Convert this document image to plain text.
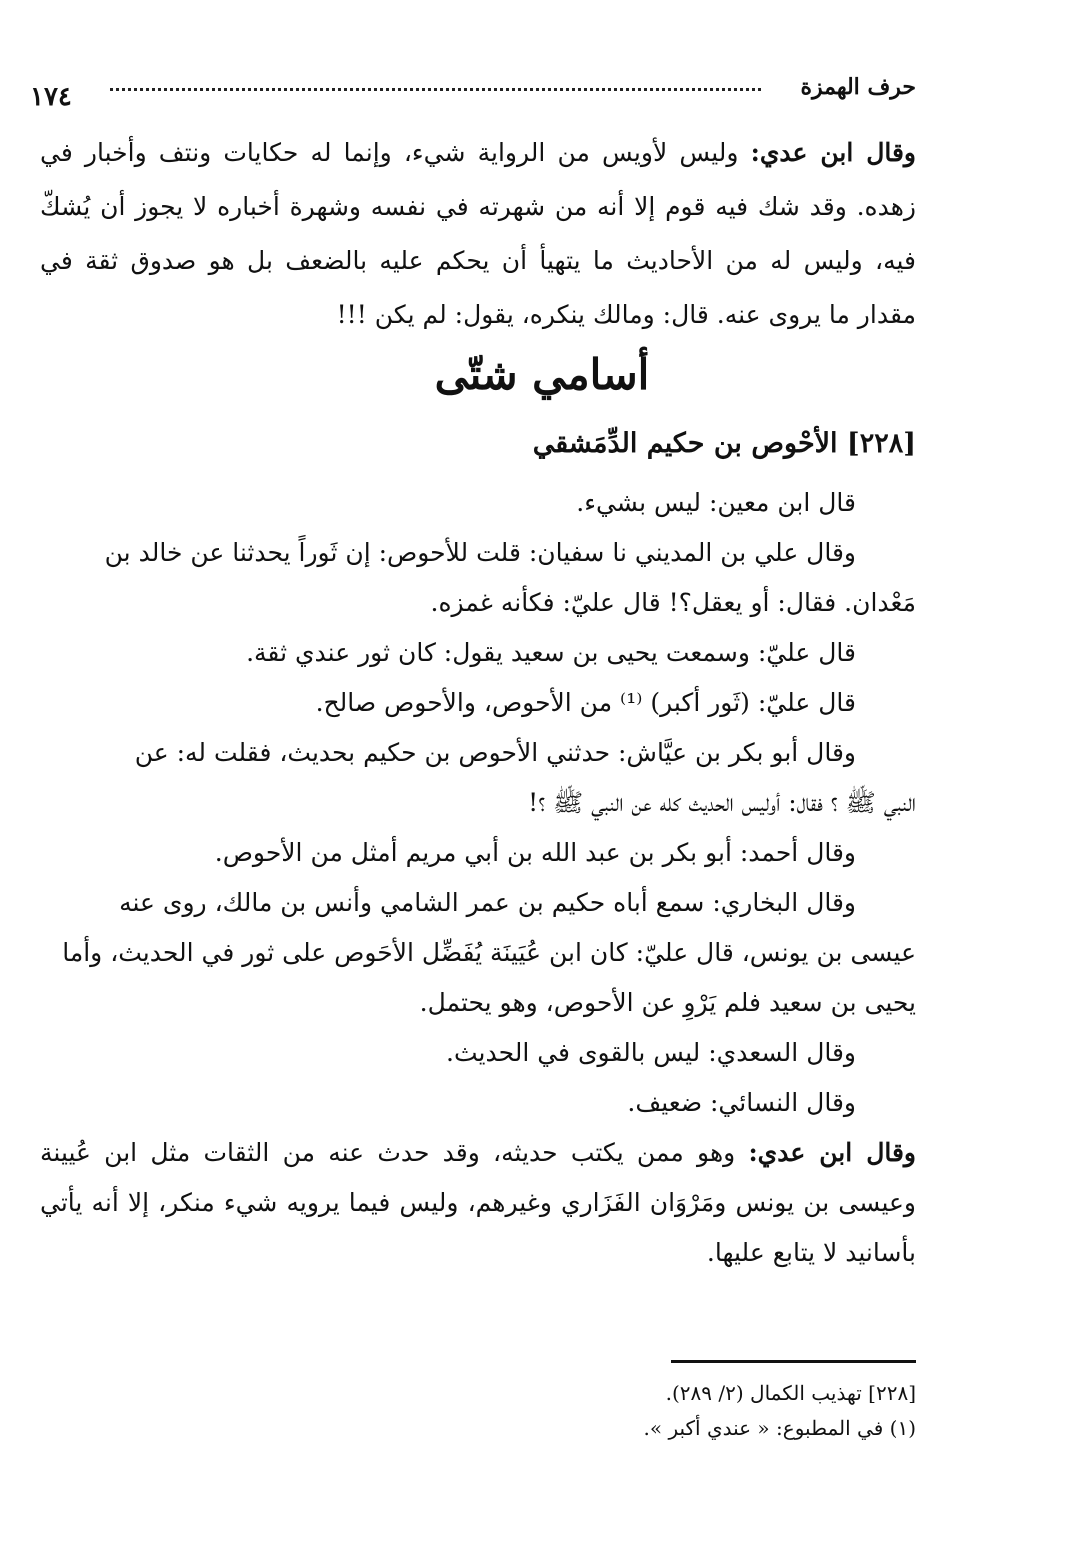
حرف الهمزة
١٧٤

وقال ابن عدي: وليس لأويس من الرواية شيء، وإنما له حكايات ونتف وأخبار في زهده. وقد شك فيه قوم إلا أنه من شهرته في نفسه وشهرة أخباره لا يجوز أن يُشكّ فيه، وليس له من الأحاديث ما يتهيأ أن يحكم عليه بالضعف بل هو صدوق ثقة في مقدار ما يروى عنه. قال: ومالك ينكره، يقول: لم يكن !!!

أسامي شتّى
[٢٢٨] الأحْوص بن حكيم الدِّمَشقي
قال ابن معين: ليس بشيء.
وقال علي بن المديني نا سفيان: قلت للأحوص: إن ثَوراً يحدثنا عن خالد بن
مَعْدان. فقال: أو يعقل؟! قال عليّ: فكأنه غمزه.
قال عليّ: وسمعت يحيى بن سعيد يقول: كان ثور عندي ثقة.
قال عليّ: (ثَور أكبر) ⁽¹⁾ من الأحوص، والأحوص صالح.
وقال أبو بكر بن عيَّاش: حدثني الأحوص بن حكيم بحديث، فقلت له: عن
النبي ﷺ ؟ فقال: أوليس الحديث كله عن النبي ﷺ ؟!
وقال أحمد: أبو بكر بن عبد الله بن أبي مريم أمثل من الأحوص.
وقال البخاري: سمع أباه حكيم بن عمر الشامي وأنس بن مالك، روى عنه
عيسى بن يونس، قال عليّ: كان ابن عُيَينَة يُفَضِّل الأحَوص على ثور في الحديث، وأما
يحيى بن سعيد فلم يَرْوِ عن الأحوص، وهو يحتمل.
وقال السعدي: ليس بالقوى في الحديث.
وقال النسائي: ضعيف.

وقال ابن عدي: وهو ممن يكتب حديثه، وقد حدث عنه من الثقات مثل ابن عُيينة وعيسى بن يونس ومَرْوَان الفَزَاري وغيرهم، وليس فيما يرويه شيء منكر، إلا أنه يأتي بأسانيد لا يتابع عليها.

[٢٢٨] تهذيب الكمال (٢/ ٢٨٩).
(١) في المطبوع: « عندي أكبر ».
